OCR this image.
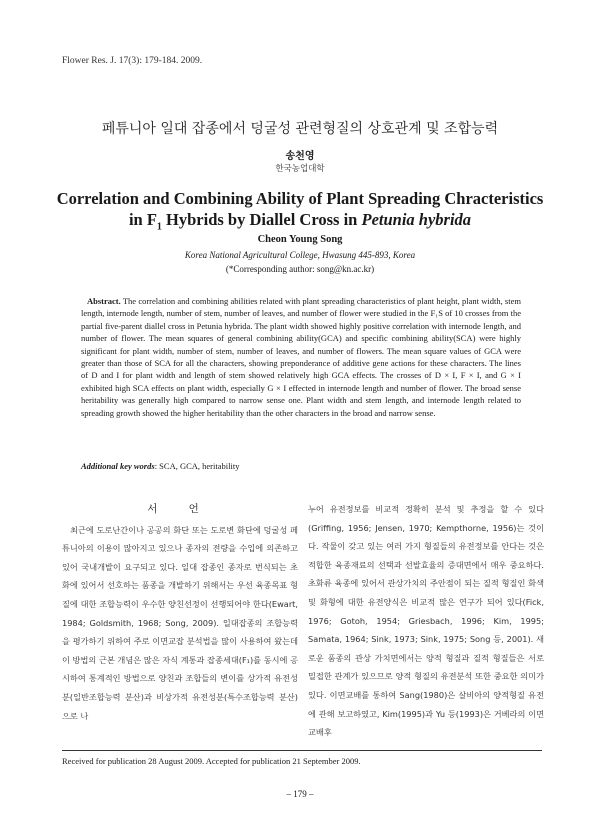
Flower Res. J. 17(3): 179-184. 2009.
페튜니아 일대 잡종에서 덩굴성 관련형질의 상호관계 및 조합능력
송천영
한국농업대학
Correlation and Combining Ability of Plant Spreading Chracteristics
in $F_1$ Hybrids by Diallel Cross in Petunia hybrida
Cheon Young Song
Korea National Agricultural College, Hwasung 445-893, Korea
(*Corresponding author: song@kn.ac.kr)
Abstract. The correlation and combining abilities related with plant spreading characteristics of plant height, plant width, stem length, internode length, number of stem, number of leaves, and number of flower were studied in the F₁S of 10 crosses from the partial five-parent diallel cross in Petunia hybrida. The plant width showed highly positive correlation with internode length, and number of flower. The mean squares of general combining ability(GCA) and specific combining ability(SCA) were highly significant for plant width, number of stem, number of leaves, and number of flowers. The mean square values of GCA were greater than those of SCA for all the characters, showing preponderance of additive gene actions for these characters. The lines of D and I for plant width and length of stem showed relatively high GCA effects. The crosses of D × I, F × I, and G × I exhibited high SCA effects on plant width, especially G × I effected in internode length and number of flower. The broad sense heritability was generally high compared to narrow sense one. Plant width and stem length, and internode length related to spreading growth showed the higher heritability than the other characters in the broad and narrow sense.
Additional key words: SCA, GCA, heritability
서 언

최근에 도로난간이나 공공의 화단 또는 도로변 화단에 덩굴성 페튜니아의 이용이 많아지고 있으나 종자의 전량을 수입에 의존하고 있어 국내개발이 요구되고 있다. 일대 잡종인 종자로 번식되는 초화에 있어서 선호하는 품종을 개발하기 위해서는 우선 육종목표 형질에 대한 조합능력이 우수한 양친선정이 선행되어야 한다(Ewart, 1984; Goldsmith, 1968; Song, 2009). 일대잡종의 조합능력을 평가하기 위하여 주로 이면교잡 분석법을 많이 사용하여 왔는데 이 방법의 근본 개념은 많은 자식 계통과 잡종세대(F₁)를 동시에 공시하여 통계적인 방법으로 양친과 조합들의 변이를 상가적 유전성분(일반조합능력 분산)과 비상가적 유전성분(특수조합능력 분산)으로 나

누어 유전정보를 비교적 정확히 분석 및 추정을 할 수 있다(Griffing, 1956; Jensen, 1970; Kempthorne, 1956)는 것이다. 작물이 갖고 있는 여러 가지 형질들의 유전정보를 안다는 것은 적합한 육종재료의 선택과 선발효율의 증대면에서 매우 중요하다. 초화류 육종에 있어서 관상가치의 주안점이 되는 질적 형질인 화색 및 화형에 대한 유전양식은 비교적 많은 연구가 되어 있다(Fick, 1976; Gotoh, 1954; Griesbach, 1996; Kim, 1995; Samata, 1964; Sink, 1973; Sink, 1975; Song 등, 2001). 새로운 품종의 관상 가치면에서는 양적 형질과 질적 형질들은 서로 밀접한 관계가 있으므로 양적 형질의 유전분석 또한 중요한 의미가 있다. 이면교배를 통하여 Sang(1980)은 살비아의 양적형질 유전에 관해 보고하였고, Kim(1995)과 Yu 등(1993)은 거베라의 이면 교배후

Received for publication 28 August 2009. Accepted for publication 21 September 2009.
– 179 –
